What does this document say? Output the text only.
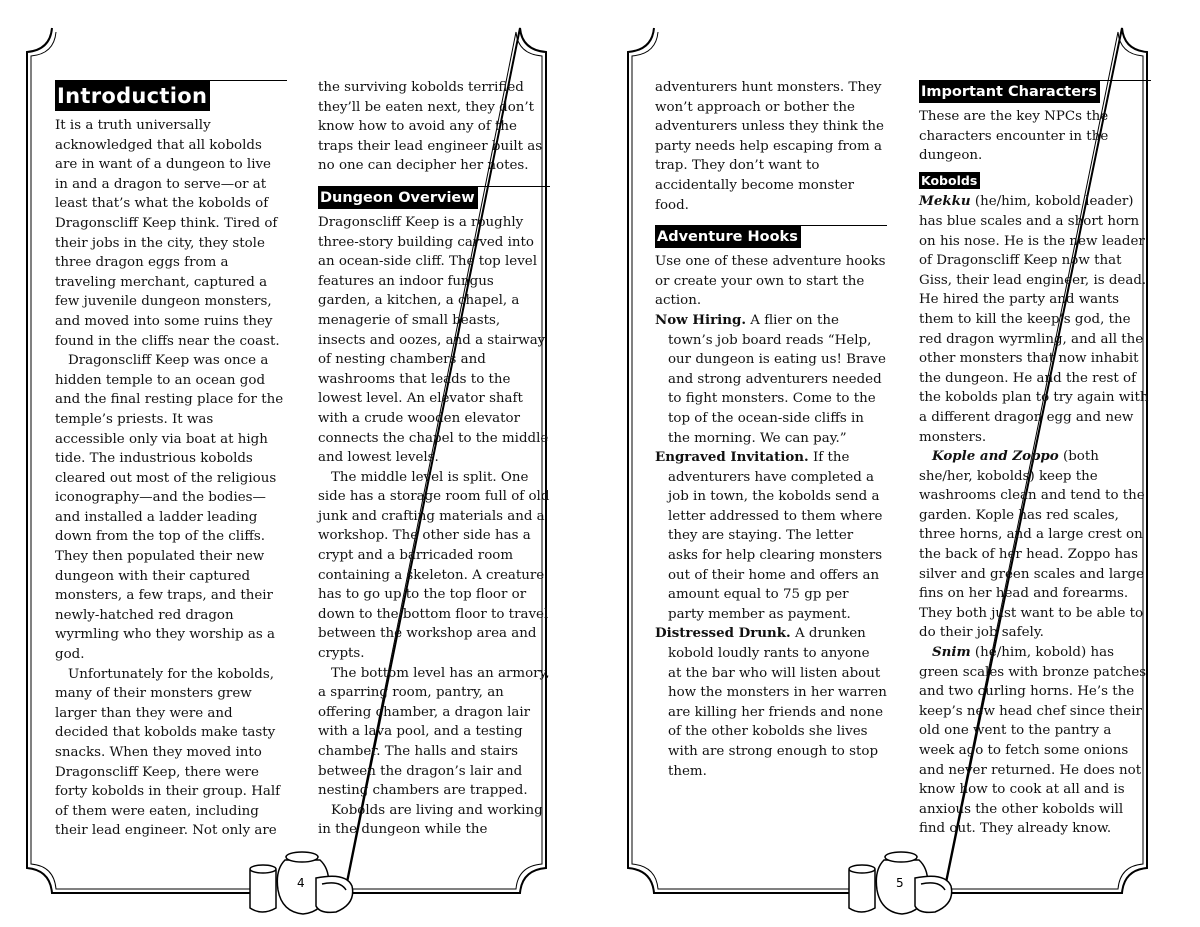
4
Introduction

It is a truth universally acknowledged that all kobolds are in want of a dungeon to live in and a dragon to serve—or at least that’s what the kobolds of Dragonscliff Keep think. Tired of their jobs in the city, they stole three dragon eggs from a traveling merchant, captured a few juvenile dungeon monsters, and moved into some ruins they found in the cliffs near the coast.

Dragonscliff Keep was once a hidden temple to an ocean god and the final resting place for the temple’s priests. It was accessible only via boat at high tide. The industrious kobolds cleared out most of the religious iconography—and the bodies—and installed a ladder leading down from the top of the cliffs. They then populated their new dungeon with their captured monsters, a few traps, and their newly-hatched red dragon wyrmling who they worship as a god.

Unfortunately for the kobolds, many of their monsters grew larger than they were and decided that kobolds make tasty snacks. When they moved into Dragonscliff Keep, there were forty kobolds in their group. Half of them were eaten, including their lead engineer. Not only are

the surviving kobolds terrified they’ll be eaten next, they don’t know how to avoid any of the traps their lead engineer built as no one can decipher her notes.

Dungeon Overview

Dragonscliff Keep is a roughly three-story building carved into an ocean-side cliff. The top level features an indoor fungus garden, a kitchen, a chapel, a menagerie of small beasts, insects and oozes, and a stairway of nesting chambers and washrooms that leads to the lowest level. An elevator shaft with a crude wooden elevator connects the chapel to the middle and lowest levels.

The middle level is split. One side has a storage room full of old junk and crafting materials and a workshop. The other side has a crypt and a barricaded room containing a skeleton. A creature has to go up to the top floor or down to the bottom floor to travel between the workshop area and crypts.

The bottom level has an armory, a sparring room, pantry, an offering chamber, a dragon lair with a lava pool, and a testing chamber. The halls and stairs between the dragon’s lair and nesting chambers are trapped.

Kobolds are living and working in the dungeon while the

5

adventurers hunt monsters. They won’t approach or bother the adventurers unless they think the party needs help escaping from a trap. They don’t want to accidentally become monster food.

Adventure Hooks

Use one of these adventure hooks or create your own to start the action.

Now Hiring. A flier on the town’s job board reads “Help, our dungeon is eating us! Brave and strong adventurers needed to fight monsters. Come to the top of the ocean-side cliffs in the morning. We can pay.”

Engraved Invitation. If the adventurers have completed a job in town, the kobolds send a letter addressed to them where they are staying. The letter asks for help clearing monsters out of their home and offers an amount equal to 75 gp per party member as payment.

Distressed Drunk. A drunken kobold loudly rants to anyone at the bar who will listen about how the monsters in her warren are killing her friends and none of the other kobolds she lives with are strong enough to stop them.

Important Characters

These are the key NPCs the characters encounter in the dungeon.

Kobolds

Mekku (he/him, kobold leader) has blue scales and a short horn on his nose. He is the new leader of Dragonscliff Keep now that Giss, their lead engineer, is dead. He hired the party and wants them to kill the keep’s god, the red dragon wyrmling, and all the other monsters that now inhabit the dungeon. He and the rest of the kobolds plan to try again with a different dragon egg and new monsters.

Kople and Zoppo (both she/her, kobolds) keep the washrooms clean and tend to the garden. Kople has red scales, three horns, and a large crest on the back of her head. Zoppo has silver and green scales and large fins on her head and forearms. They both just want to be able to do their job safely.

Snim (he/him, kobold) has green scales with bronze patches and two curling horns. He’s the keep’s new head chef since their old one went to the pantry a week ago to fetch some onions and never returned. He does not know how to cook at all and is anxious the other kobolds will find out. They already know.
